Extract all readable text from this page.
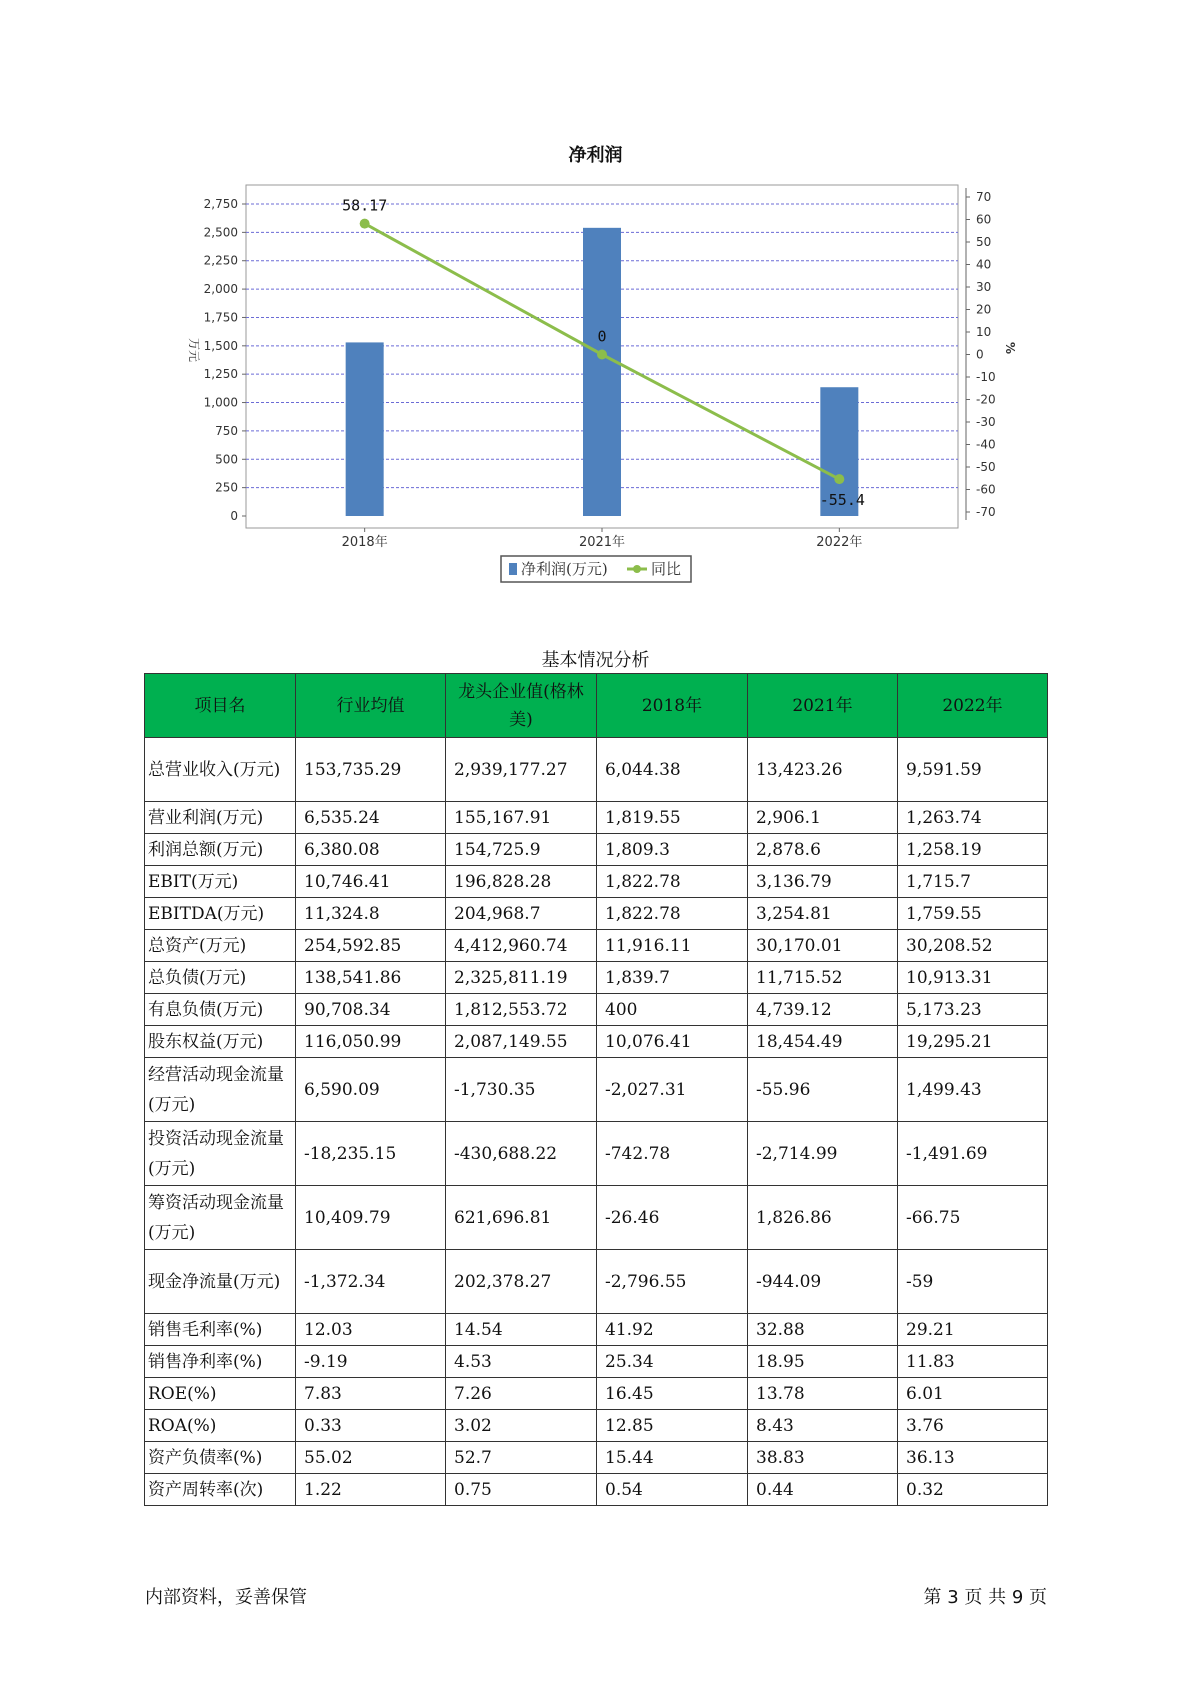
净利润
0
250
500
750
1,000
1,250
1,500
1,750
2,000
2,250
2,500
2,750	70
60
50
40
30
20
10
0
-10
-20
-30
-40
-50
-60
-70
万元	%
2018年	2021年	2022年
58.17
0
-55.4
净利润(万元)	同比
基本情况分析
项目名	行业均值	龙头企业值(格林美)	2018年	2021年	2022年
总营业收入(万元)	153,735.29	2,939,177.27	6,044.38	13,423.26	9,591.59
营业利润(万元)	6,535.24	155,167.91	1,819.55	2,906.1	1,263.74
利润总额(万元)	6,380.08	154,725.9	1,809.3	2,878.6	1,258.19
EBIT(万元)	10,746.41	196,828.28	1,822.78	3,136.79	1,715.7
EBITDA(万元)	11,324.8	204,968.7	1,822.78	3,254.81	1,759.55
总资产(万元)	254,592.85	4,412,960.74	11,916.11	30,170.01	30,208.52
总负债(万元)	138,541.86	2,325,811.19	1,839.7	11,715.52	10,913.31
有息负债(万元)	90,708.34	1,812,553.72	400	4,739.12	5,173.23
股东权益(万元)	116,050.99	2,087,149.55	10,076.41	18,454.49	19,295.21
经营活动现金流量(万元)	6,590.09	-1,730.35	-2,027.31	-55.96	1,499.43
投资活动现金流量(万元)	-18,235.15	-430,688.22	-742.78	-2,714.99	-1,491.69
筹资活动现金流量(万元)	10,409.79	621,696.81	-26.46	1,826.86	-66.75
现金净流量(万元)	-1,372.34	202,378.27	-2,796.55	-944.09	-59
销售毛利率(%)	12.03	14.54	41.92	32.88	29.21
销售净利率(%)	-9.19	4.53	25.34	18.95	11.83
ROE(%)	7.83	7.26	16.45	13.78	6.01
ROA(%)	0.33	3.02	12.85	8.43	3.76
资产负债率(%)	55.02	52.7	15.44	38.83	36.13
资产周转率(次)	1.22	0.75	0.54	0.44	0.32
内部资料，妥善保管	第 3 页 共 9 页
